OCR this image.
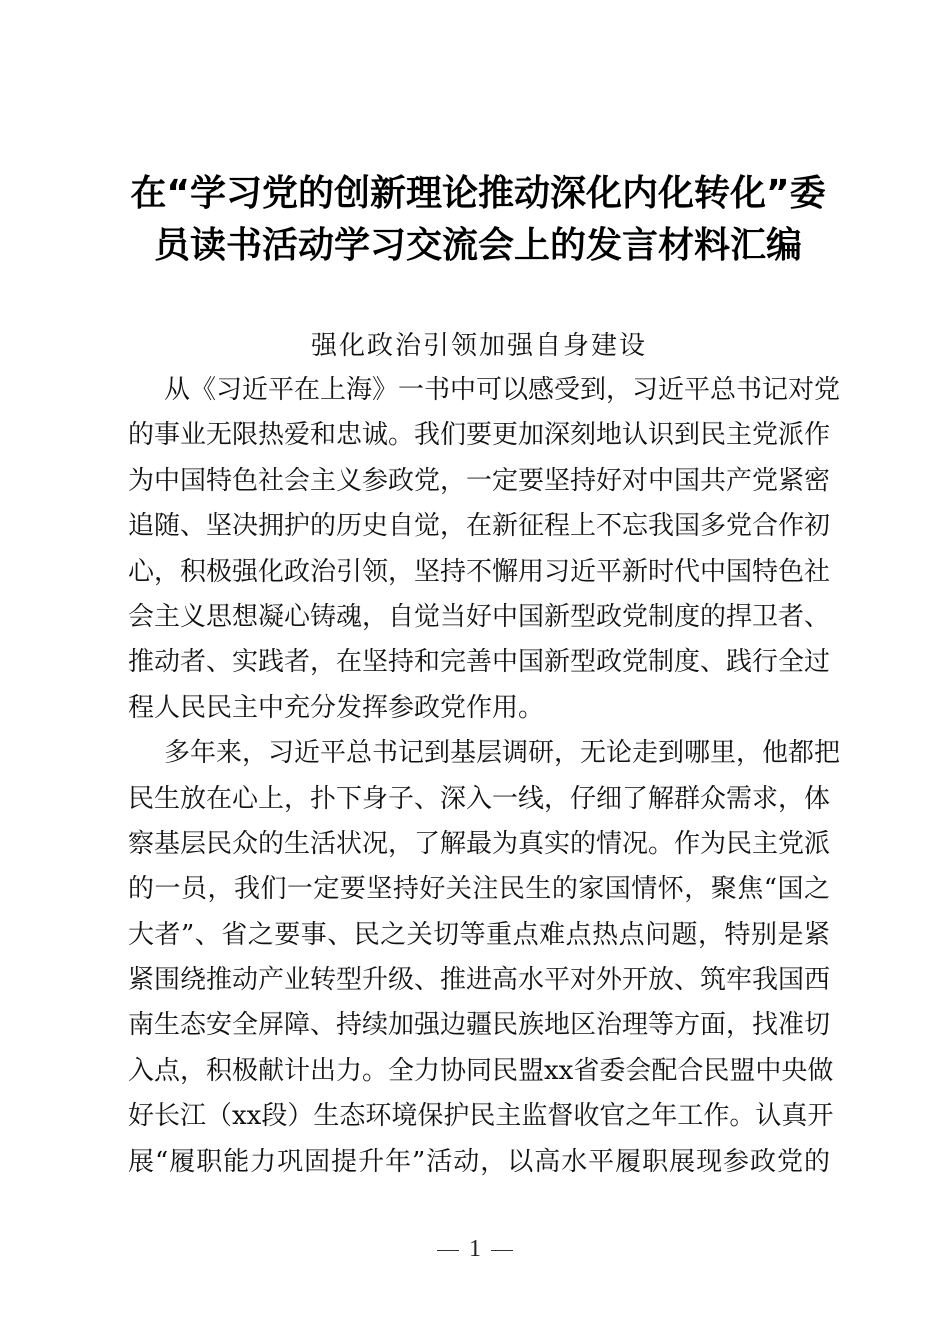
在“学习党的创新理论推动深化内化转化”委
员读书活动学习交流会上的发言材料汇编
强化政治引领加强自身建设
从《习近平在上海》一书中可以感受到，习近平总书记对党
的事业无限热爱和忠诚。我们要更加深刻地认识到民主党派作
为中国特色社会主义参政党，一定要坚持好对中国共产党紧密
追随、坚决拥护的历史自觉，在新征程上不忘我国多党合作初
心，积极强化政治引领，坚持不懈用习近平新时代中国特色社
会主义思想凝心铸魂，自觉当好中国新型政党制度的捍卫者、
推动者、实践者，在坚持和完善中国新型政党制度、践行全过
程人民民主中充分发挥参政党作用。
多年来，习近平总书记到基层调研，无论走到哪里，他都把
民生放在心上，扑下身子、深入一线，仔细了解群众需求，体
察基层民众的生活状况，了解最为真实的情况。作为民主党派
的一员，我们一定要坚持好关注民生的家国情怀，聚焦“国之
大者”、省之要事、民之关切等重点难点热点问题，特别是紧
紧围绕推动产业转型升级、推进高水平对外开放、筑牢我国西
南生态安全屏障、持续加强边疆民族地区治理等方面，找准切
入点，积极献计出力。全力协同民盟xx省委会配合民盟中央做
好长江（xx段）生态环境保护民主监督收官之年工作。认真开
展“履职能力巩固提升年”活动，以高水平履职展现参政党的
1
